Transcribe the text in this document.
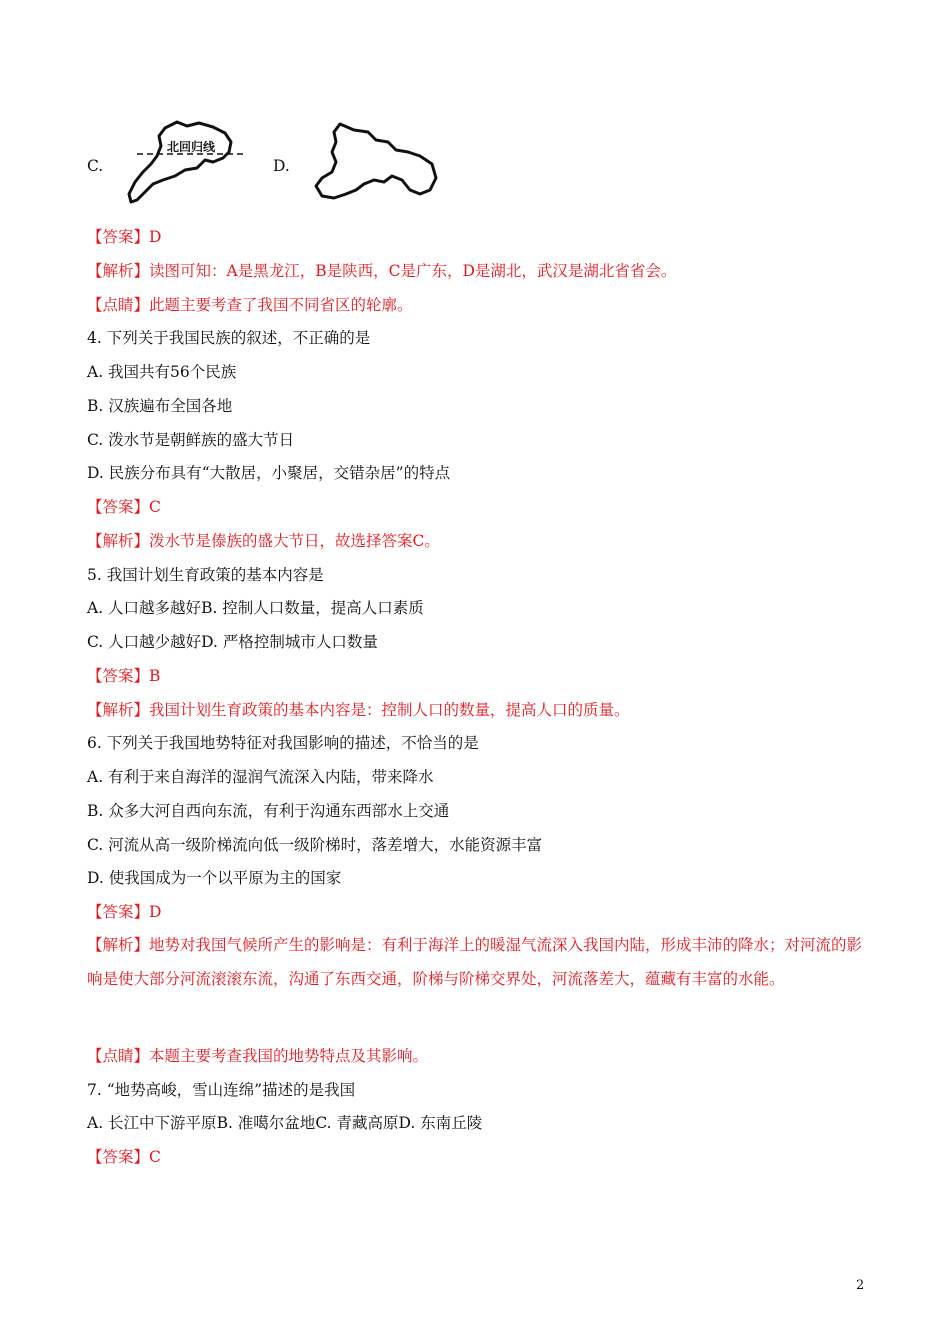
C.
北回归线
D.
【答案】D
【解析】读图可知：A是黑龙江，B是陕西，C是广东，D是湖北，武汉是湖北省省会。
【点睛】此题主要考查了我国不同省区的轮廓。
4. 下列关于我国民族的叙述，不正确的是
A. 我国共有56个民族
B. 汉族遍布全国各地
C. 泼水节是朝鲜族的盛大节日
D. 民族分布具有“大散居，小聚居，交错杂居”的特点
【答案】C
【解析】泼水节是傣族的盛大节日，故选择答案C。
5. 我国计划生育政策的基本内容是
A. 人口越多越好B. 控制人口数量，提高人口素质
C. 人口越少越好D. 严格控制城市人口数量
【答案】B
【解析】我国计划生育政策的基本内容是：控制人口的数量，提高人口的质量。
6. 下列关于我国地势特征对我国影响的描述，不恰当的是
A. 有利于来自海洋的湿润气流深入内陆，带来降水
B. 众多大河自西向东流，有利于沟通东西部水上交通
C. 河流从高一级阶梯流向低一级阶梯时，落差增大，水能资源丰富
D. 使我国成为一个以平原为主的国家
【答案】D
【解析】地势对我国气候所产生的影响是：有利于海洋上的暖湿气流深入我国内陆，形成丰沛的降水；对河流的影响是使大部分河流滚滚东流，沟通了东西交通，阶梯与阶梯交界处，河流落差大，蕴藏有丰富的水能。
【点睛】本题主要考查我国的地势特点及其影响。
7. “地势高峻，雪山连绵”描述的是我国
A. 长江中下游平原B. 准噶尔盆地C. 青藏高原D. 东南丘陵
【答案】C
2
